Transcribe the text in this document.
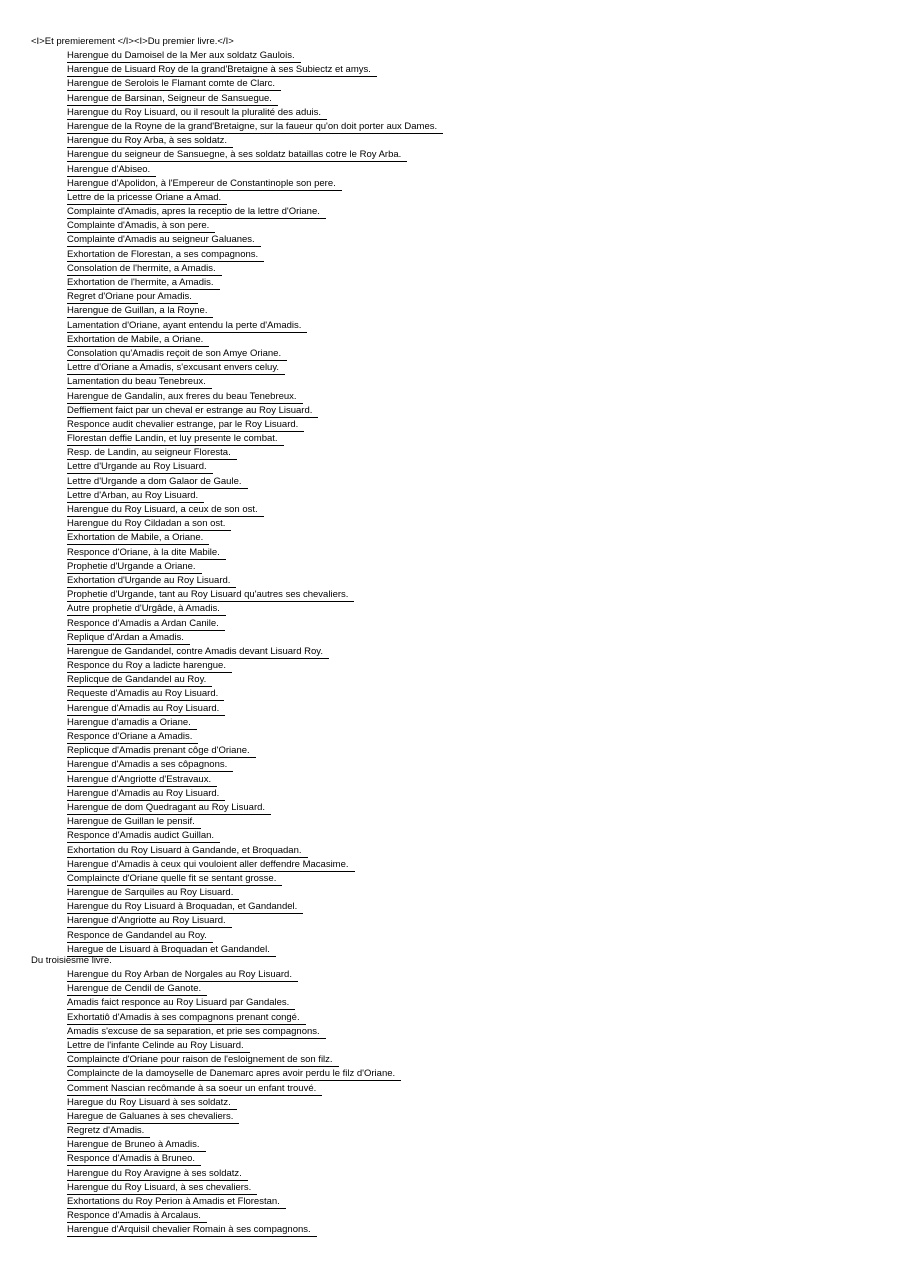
<I>Et premierement </I><I>Du premier livre.</I>
Harengue du Damoisel de la Mer aux soldatz Gaulois.
Harengue de Lisuard Roy de la grand'Bretaigne à ses Subiectz et amys.
Harengue de Serolois le Flamant comte de Clarc.
Harengue de Barsinan, Seigneur de Sansuegue.
Harengue du Roy Lisuard, ou il resoult la pluralité des aduis.
Harengue de la Royne de la grand'Bretaigne, sur la faueur qu'on doit porter aux Dames.
Harengue du Roy Arba, à ses soldatz.
Harengue du seigneur de Sansuegne, à ses soldatz bataillas cotre le Roy Arba.
Harengue d'Abiseo.
Harengue d'Apolidon, à l'Empereur de Constantinople son pere.
Lettre de la pricesse Oriane a Amad.
Complainte d'Amadis, apres la receptio de la lettre d'Oriane.
Complainte d'Amadis, à son pere.
Complainte d'Amadis au seigneur Galuanes.
Exhortation de Florestan, a ses compagnons.
Consolation de l'hermite, a Amadis.
Exhortation de l'hermite, a Amadis.
Regret d'Oriane pour Amadis.
Harengue de Guillan, a la Royne.
Lamentation d'Oriane, ayant entendu la perte d'Amadis.
Exhortation de Mabile, a Oriane.
Consolation qu'Amadis reçoit de son Amye Oriane.
Lettre d'Oriane a Amadis, s'excusant envers celuy.
Lamentation du beau Tenebreux.
Harengue de Gandalin, aux freres du beau Tenebreux.
Deffiement faict par un cheval er estrange au Roy Lisuard.
Responce audit chevalier estrange, par le Roy Lisuard.
Florestan deffie Landin, et luy presente le combat.
Resp. de Landin, au seigneur Floresta.
Lettre d'Urgande au Roy Lisuard.
Lettre d'Urgande a dom Galaor de Gaule.
Lettre d'Arban, au Roy Lisuard.
Harengue du Roy Lisuard, a ceux de son ost.
Harengue du Roy Cildadan a son ost.
Exhortation de Mabile, a Oriane.
Responce d'Oriane, à la dite Mabile.
Prophetie d'Urgande a Oriane.
Exhortation d'Urgande au Roy Lisuard.
Prophetie d'Urgande, tant au Roy Lisuard qu'autres ses chevaliers.
Autre prophetie d'Urgâde, à Amadis.
Responce d'Amadis a Ardan Canile.
Replique d'Ardan a Amadis.
Harengue de Gandandel, contre Amadis devant Lisuard Roy.
Responce du Roy a ladicte harengue.
Replicque de Gandandel au Roy.
Requeste d'Amadis au Roy Lisuard.
Harengue d'Amadis au Roy Lisuard.
Harengue d'amadis a Oriane.
Responce d'Oriane a Amadis.
Replicque d'Amadis prenant côge d'Oriane.
Harengue d'Amadis a ses côpagnons.
Harengue d'Angriotte d'Estravaux.
Harengue d'Amadis au Roy Lisuard.
Harengue de dom Quedragant au Roy Lisuard.
Harengue de Guillan le pensif.
Responce d'Amadis audict Guillan.
Exhortation du Roy Lisuard à Gandande, et Broquadan.
Harengue d'Amadis à ceux qui vouloient aller deffendre Macasime.
Complaincte d'Oriane quelle fit se sentant grosse.
Harengue de Sarquiles au Roy Lisuard.
Harengue du Roy Lisuard à Broquadan, et Gandandel.
Harengue d'Angriotte au Roy Lisuard.
Responce de Gandandel au Roy.
Haregue de Lisuard à Broquadan et Gandandel.
Du troisiesme livre.
Harengue du Roy Arban de Norgales au Roy Lisuard.
Harengue de Cendil de Ganote.
Amadis faict responce au Roy Lisuard par Gandales.
Exhortatiô d'Amadis à ses compagnons prenant congé.
Amadis s'excuse de sa separation, et prie ses compagnons.
Lettre de l'infante Celinde au Roy Lisuard.
Complaincte d'Oriane pour raison de l'esloignement de son filz.
Complaincte de la damoyselle de Danemarc apres avoir perdu le filz d'Oriane.
Comment Nascian recômande à sa soeur un enfant trouvé.
Haregue du Roy Lisuard à ses soldatz.
Haregue de Galuanes à ses chevaliers.
Regretz d'Amadis.
Harengue de Bruneo à Amadis.
Responce d'Amadis à Bruneo.
Harengue du Roy Aravigne à ses soldatz.
Harengue du Roy Lisuard, à ses chevaliers.
Exhortations du Roy Perion à Amadis et Florestan.
Responce d'Amadis à Arcalaus.
Harengue d'Arquisil chevalier Romain à ses compagnons.
